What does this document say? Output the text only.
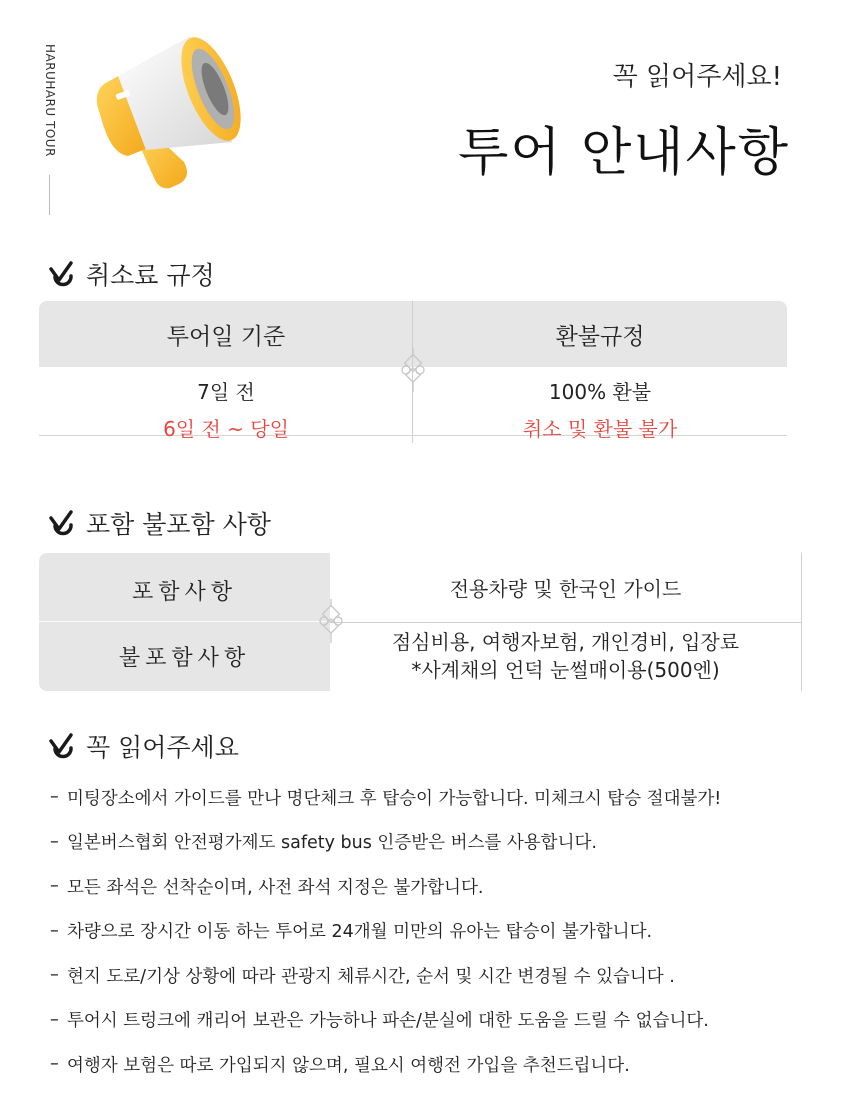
HARUHARU TOUR	꼭 읽어주세요!
투어 안내사항
취소료 규정
투어일 기준	환불규정
7일 전
6일 전 ~ 당일
100% 환불
취소 및 환불 불가
포함 불포함 사항
포함사항
불포함사항
전용차량 및 한국인 가이드
점심비용, 여행자보험, 개인경비, 입장료
*사계채의 언덕 눈썰매이용(500엔)
꼭 읽어주세요
– 미팅장소에서 가이드를 만나 명단체크 후 탑승이 가능합니다. 미체크시 탑승 절대불가!
– 일본버스협회 안전평가제도 safety bus 인증받은 버스를 사용합니다.
– 모든 좌석은 선착순이며, 사전 좌석 지정은 불가합니다.
– 차량으로 장시간 이동 하는 투어로 24개월 미만의 유아는 탑승이 불가합니다.
– 현지 도로/기상 상황에 따라 관광지 체류시간, 순서 및 시간 변경될 수 있습니다 .
– 투어시 트렁크에 캐리어 보관은 가능하나 파손/분실에 대한 도움을 드릴 수 없습니다.
– 여행자 보험은 따로 가입되지 않으며, 필요시 여행전 가입을 추천드립니다.
